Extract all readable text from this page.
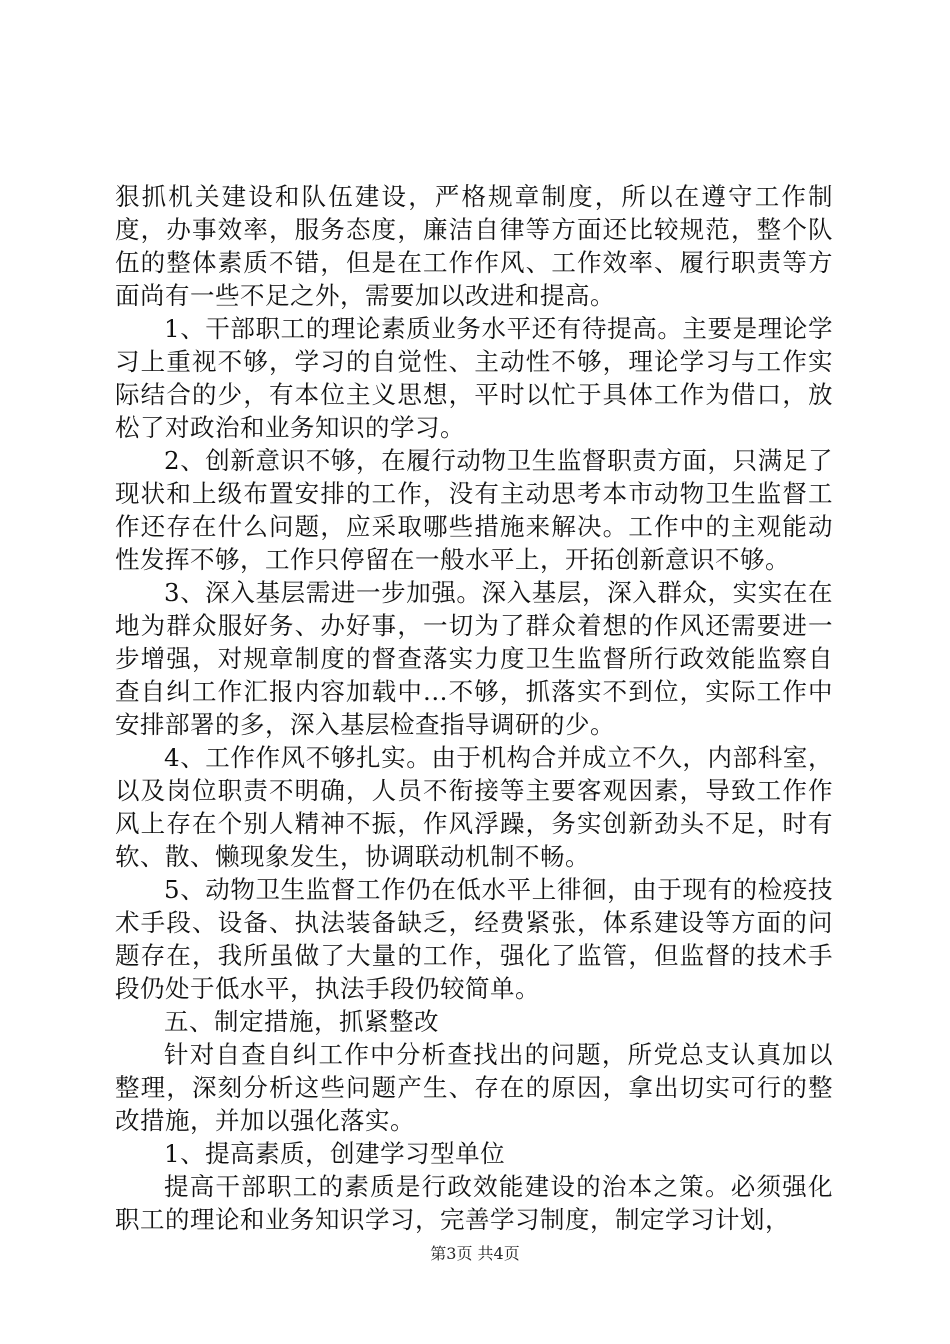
狠抓机关建设和队伍建设，严格规章制度，所以在遵守工作制度，办事效率，服务态度，廉洁自律等方面还比较规范，整个队伍的整体素质不错，但是在工作作风、工作效率、履行职责等方面尚有一些不足之外，需要加以改进和提高。

1、干部职工的理论素质业务水平还有待提高。主要是理论学习上重视不够，学习的自觉性、主动性不够，理论学习与工作实际结合的少，有本位主义思想，平时以忙于具体工作为借口，放松了对政治和业务知识的学习。

2、创新意识不够，在履行动物卫生监督职责方面，只满足了现状和上级布置安排的工作，没有主动思考本市动物卫生监督工作还存在什么问题，应采取哪些措施来解决。工作中的主观能动性发挥不够，工作只停留在一般水平上，开拓创新意识不够。

3、深入基层需进一步加强。深入基层，深入群众，实实在在地为群众服好务、办好事，一切为了群众着想的作风还需要进一步增强，对规章制度的督查落实力度卫生监督所行政效能监察自查自纠工作汇报内容加载中...不够，抓落实不到位，实际工作中安排部署的多，深入基层检查指导调研的少。

4、工作作风不够扎实。由于机构合并成立不久，内部科室，以及岗位职责不明确，人员不衔接等主要客观因素，导致工作作风上存在个别人精神不振，作风浮躁，务实创新劲头不足，时有软、散、懒现象发生，协调联动机制不畅。

5、动物卫生监督工作仍在低水平上徘徊，由于现有的检疫技术手段、设备、执法装备缺乏，经费紧张，体系建设等方面的问题存在，我所虽做了大量的工作，强化了监管，但监督的技术手段仍处于低水平，执法手段仍较简单。

五、制定措施，抓紧整改

针对自查自纠工作中分析查找出的问题，所党总支认真加以整理，深刻分析这些问题产生、存在的原因，拿出切实可行的整改措施，并加以强化落实。

1、提高素质，创建学习型单位

提高干部职工的素质是行政效能建设的治本之策。必须强化职工的理论和业务知识学习，完善学习制度，制定学习计划，

第3页 共4页
